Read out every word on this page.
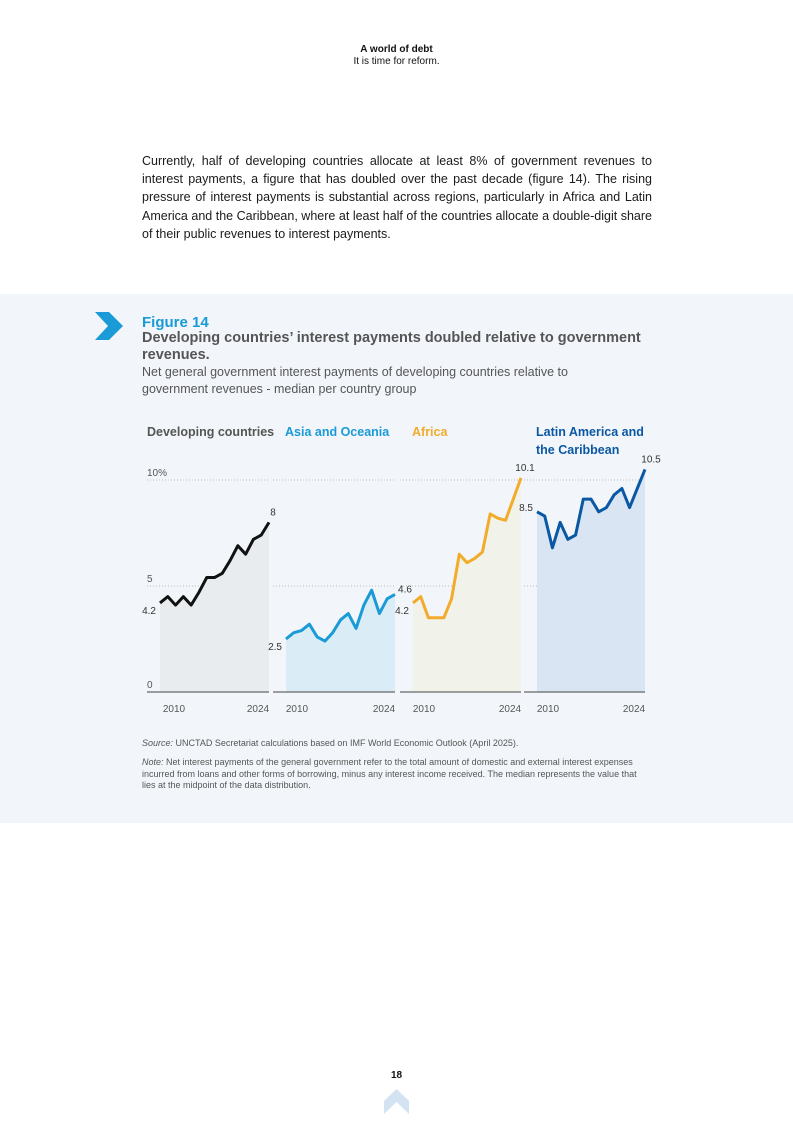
A world of debt
It is time for reform.

Currently, half of developing countries allocate at least 8% of government revenues to interest payments, a figure that has doubled over the past decade (figure 14). The rising pressure of interest payments is substantial across regions, particularly in Africa and Latin America and the Caribbean, where at least half of the countries allocate a double-digit share of their public revenues to interest payments.

Figure 14
Developing countries’ interest payments doubled relative to government revenues.
Net general government interest payments of developing countries relative to government revenues - median per country group
Developing countries
4.2
8
2010	2024
Asia and Oceania
2.5
4.6
2010	2024
Africa
4.2
10.1
2010	2024
Latin America and
the Caribbean
8.5
10.5
2010	2024
0
5
10%
Source: UNCTAD Secretariat calculations based on IMF World Economic Outlook (April 2025).
Note: Net interest payments of the general government refer to the total amount of domestic and external interest expenses incurred from loans and other forms of borrowing, minus any interest income received. The median represents the value that lies at the midpoint of the data distribution.
18
